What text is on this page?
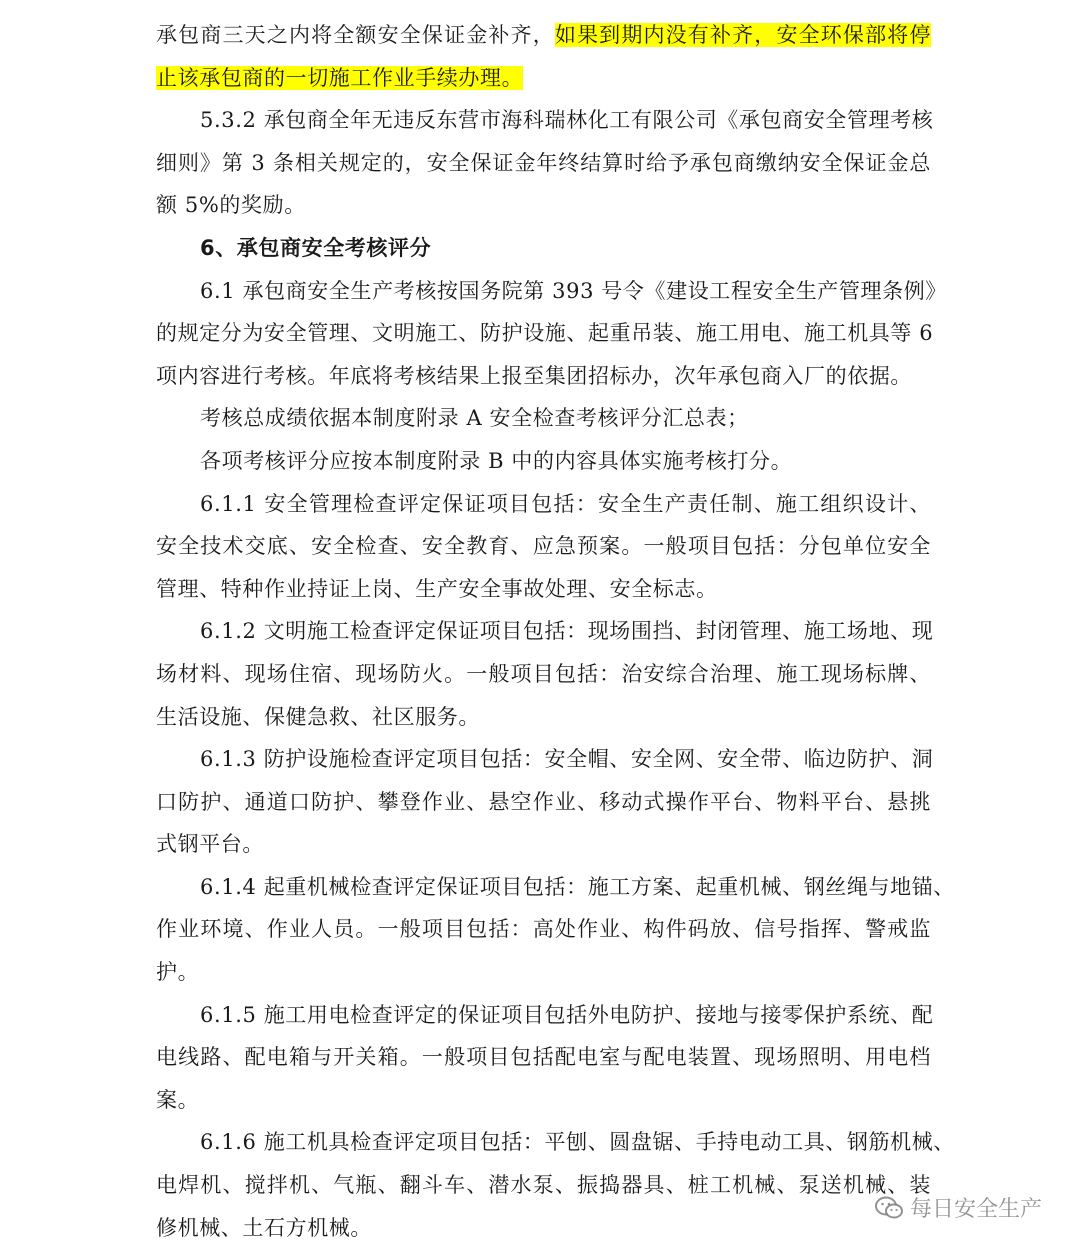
承包商三天之内将全额安全保证金补齐，如果到期内没有补齐，安全环保部将停
止该承包商的一切施工作业手续办理。
5.3.2 承包商全年无违反东营市海科瑞林化工有限公司《承包商安全管理考核
细则》第 3 条相关规定的，安全保证金年终结算时给予承包商缴纳安全保证金总
额 5%的奖励。
6、承包商安全考核评分
6.1 承包商安全生产考核按国务院第 393 号令《建设工程安全生产管理条例》
的规定分为安全管理、文明施工、防护设施、起重吊装、施工用电、施工机具等 6
项内容进行考核。年底将考核结果上报至集团招标办，次年承包商入厂的依据。
考核总成绩依据本制度附录 A 安全检查考核评分汇总表；
各项考核评分应按本制度附录 B 中的内容具体实施考核打分。
6.1.1 安全管理检查评定保证项目包括：安全生产责任制、施工组织设计、
安全技术交底、安全检查、安全教育、应急预案。一般项目包括：分包单位安全
管理、特种作业持证上岗、生产安全事故处理、安全标志。
6.1.2 文明施工检查评定保证项目包括：现场围挡、封闭管理、施工场地、现
场材料、现场住宿、现场防火。一般项目包括：治安综合治理、施工现场标牌、
生活设施、保健急救、社区服务。
6.1.3 防护设施检查评定项目包括：安全帽、安全网、安全带、临边防护、洞
口防护、通道口防护、攀登作业、悬空作业、移动式操作平台、物料平台、悬挑
式钢平台。
6.1.4 起重机械检查评定保证项目包括：施工方案、起重机械、钢丝绳与地锚、
作业环境、作业人员。一般项目包括：高处作业、构件码放、信号指挥、警戒监
护。
6.1.5 施工用电检查评定的保证项目包括外电防护、接地与接零保护系统、配
电线路、配电箱与开关箱。一般项目包括配电室与配电装置、现场照明、用电档
案。
6.1.6 施工机具检查评定项目包括：平刨、圆盘锯、手持电动工具、钢筋机械、
电焊机、搅拌机、气瓶、翻斗车、潜水泵、振捣器具、桩工机械、泵送机械、装
修机械、土石方机械。
每日安全生产
